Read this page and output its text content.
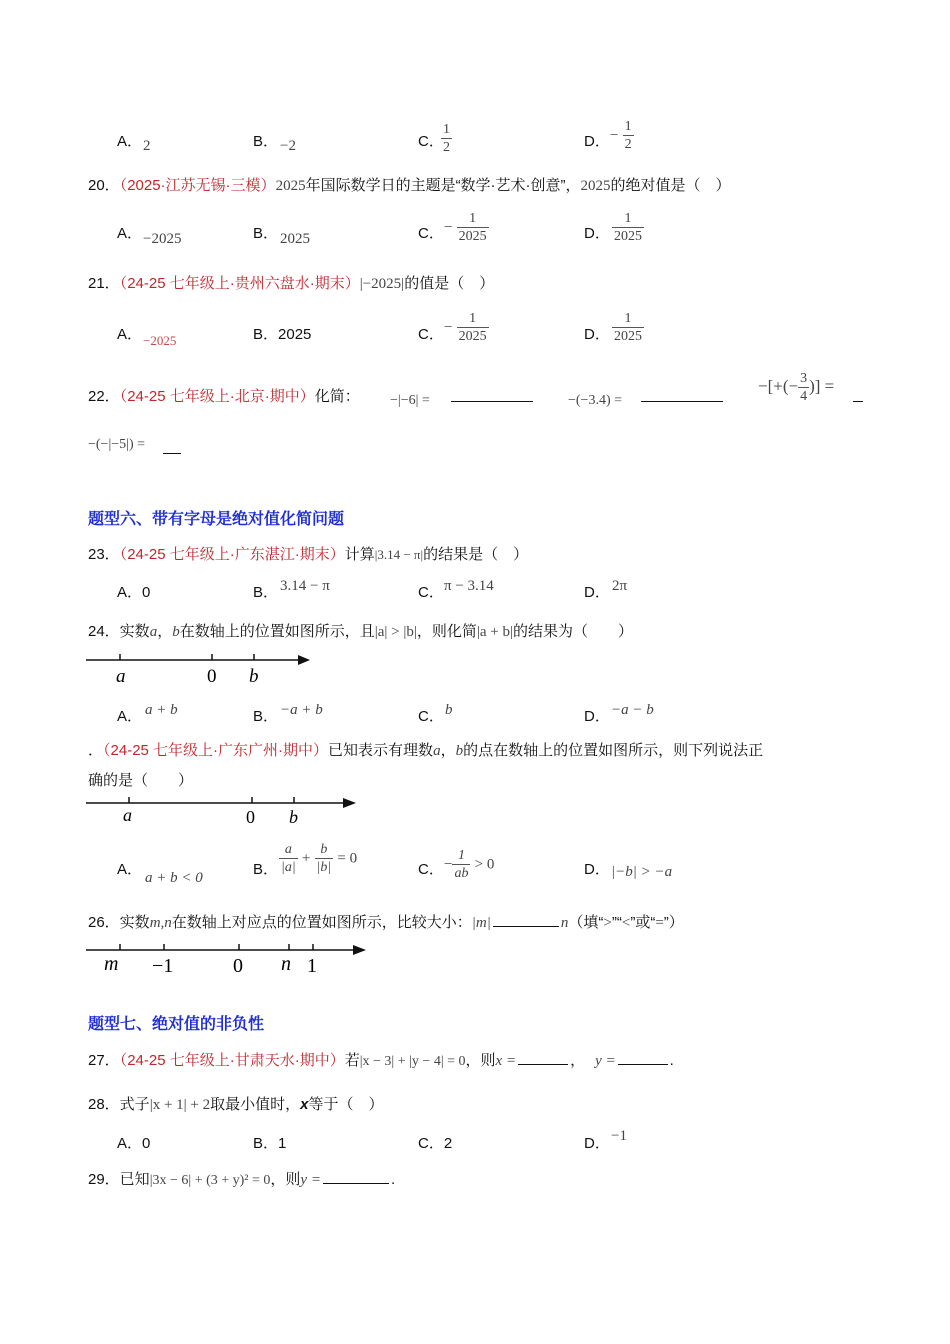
A． 2	B． −2	C．
$\frac{1}{2}$	D． − $\frac{1}{2}$
20．（2025·江苏无锡·三模）2025年国际数学日的主题是“数学·艺术·创意”，2025的绝对值是（　）
A． −2025	B． 2025	C． − $\frac{1}{2025}$	D． $\frac{1}{2025}$
21．（24-25 七年级上·贵州六盘水·期末）|−2025|的值是（　）
A． −2025	B．2025	C． − $\frac{1}{2025}$	D． $\frac{1}{2025}$
22．（24-25 七年级上·北京·期中）化简： −|−6| =	−(−3.4) =
−[+(− $\frac{3}{4}$ )] =
−(−|−5|) =
题型六、带有字母是绝对值化简问题
23．（24-25 七年级上·广东湛江·期末）计算|3.14 − π|的结果是（　）
A．0	B． 3.14 − π	C． π − 3.14	D． 2π
24．实数a，b在数轴上的位置如图所示，且|a| > |b|，则化简|a + b|的结果为（　　）
a	0 b
A． a + b	B． −a + b	C． b	D． −a − b
．（24-25 七年级上·广东广州·期中）已知表示有理数a，b的点在数轴上的位置如图所示，则下列说法正
确的是（　　）
a	0 b
A． a + b < 0	B． $\frac{a}{|a|} + \frac{b}{|b|} = 0$
C． − $\frac{1}{ab} > 0$	D． |−b| > −a
26．实数m,n在数轴上对应点的位置如图所示，比较大小：|m|	n（填“>”“<”或“=”）
m −1	0 n 1
题型七、绝对值的非负性
27．（24-25 七年级上·甘肃天水·期中）若|x − 3| + |y − 4| = 0，则x =	， y =	.
28．式子|x + 1| + 2取最小值时，x等于（　）
A．0	B．1	C．2	D． −1
29．已知|3x − 6| + (3 + y)² = 0，则y =	.
